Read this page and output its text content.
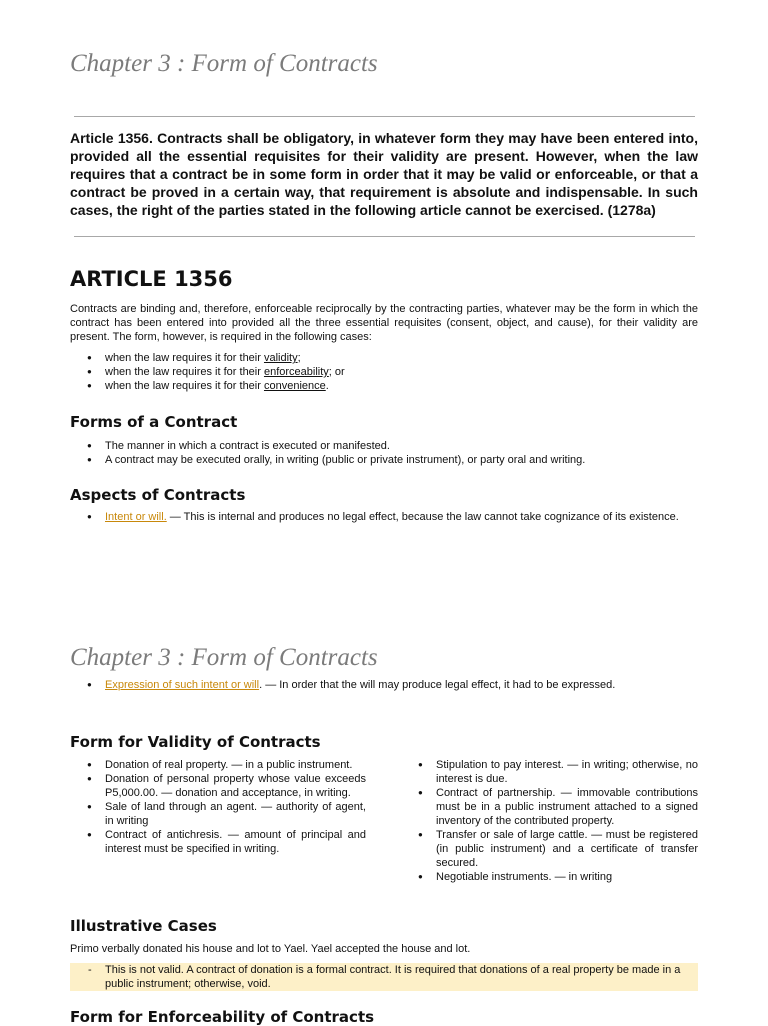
Chapter 3 : Form of Contracts
Article 1356. Contracts shall be obligatory, in whatever form they may have been entered into, provided all the essential requisites for their validity are present. However, when the law requires that a contract be in some form in order that it may be valid or enforceable, or that a contract be proved in a certain way, that requirement is absolute and indispensable. In such cases, the right of the parties stated in the following article cannot be exercised. (1278a)
ARTICLE 1356
Contracts are binding and, therefore, enforceable reciprocally by the contracting parties, whatever may be the form in which the contract has been entered into provided all the three essential requisites (consent, object, and cause), for their validity are present. The form, however, is required in the following cases:
● when the law requires it for their validity;
● when the law requires it for their enforceability; or
● when the law requires it for their convenience.
Forms of a Contract
● The manner in which a contract is executed or manifested.
● A contract may be executed orally, in writing (public or private instrument), or party oral and writing.
Aspects of Contracts
● Intent or will. — This is internal and produces no legal effect, because the law cannot take cognizance of its existence.
Chapter 3 : Form of Contracts
● Expression of such intent or will. — In order that the will may produce legal effect, it had to be expressed.
Form for Validity of Contracts
● Donation of real property. — in a public instrument.
● Donation of personal property whose value exceeds P5,000.00. — donation and acceptance, in writing.
● Sale of land through an agent. — authority of agent, in writing
● Contract of antichresis. — amount of principal and interest must be specified in writing.
● Stipulation to pay interest. — in writing; otherwise, no interest is due.
● Contract of partnership. — immovable contributions must be in a public instrument attached to a signed inventory of the contributed property.
● Transfer or sale of large cattle. — must be registered (in public instrument) and a certificate of transfer secured.
● Negotiable instruments. — in writing
Illustrative Cases
Primo verbally donated his house and lot to Yael. Yael accepted the house and lot.
- This is not valid. A contract of donation is a formal contract. It is required that donations of a real property be made in a public instrument; otherwise, void.
Form for Enforceability of Contracts
